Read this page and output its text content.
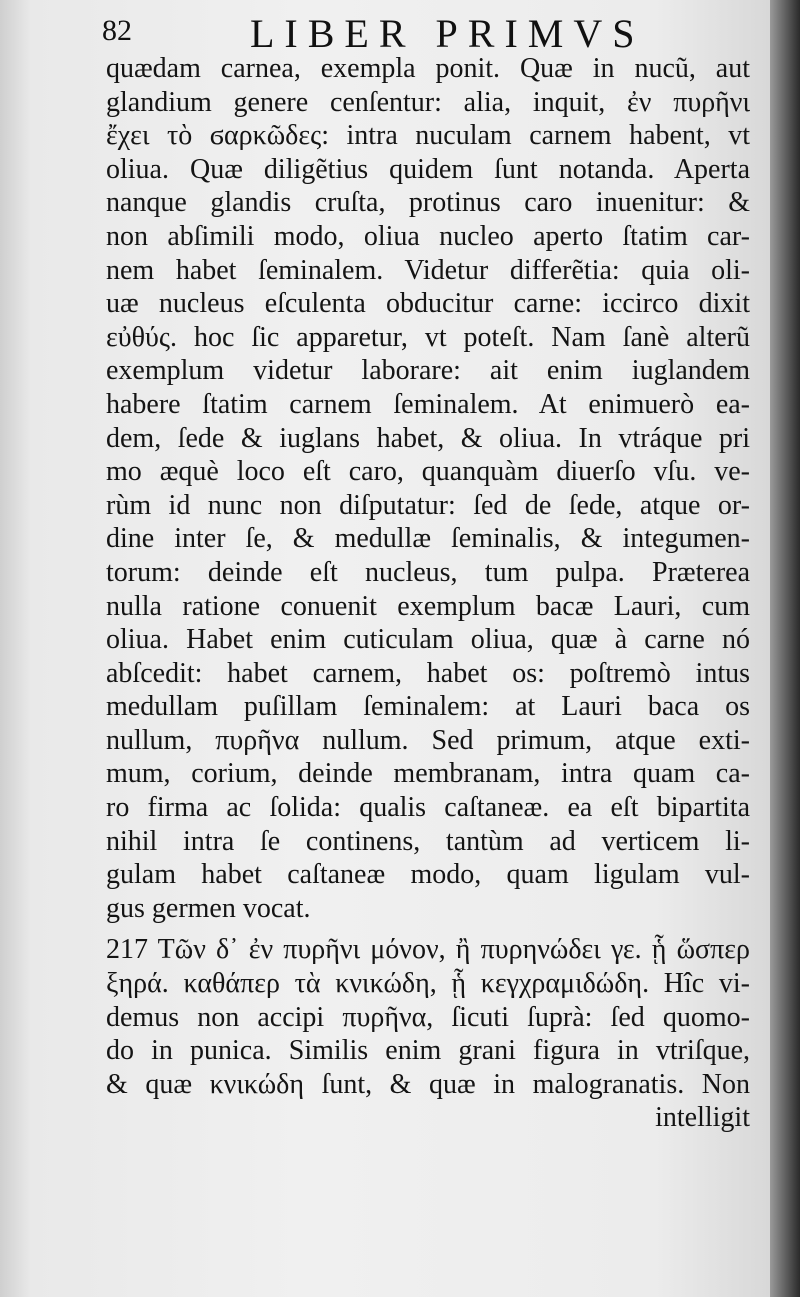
82	LIBER PRIMVS
quædam carnea, exempla ponit. Quæ in nucũ, aut
glandium genere cenſentur: alia, inquit, ἐν πυρῆνι
ἔχει τὸ ϭαρκῶδες: intra nuculam carnem habent, vt
oliua. Quæ diligẽtius quidem ſunt notanda. Aperta
nanque glandis cruſta, protinus caro inuenitur: &
non abſimili modo, oliua nucleo aperto ſtatim car-
nem habet ſeminalem. Videtur differẽtia: quia oli-
uæ nucleus eſculenta obducitur carne: iccirco dixit
εὐθύς. hoc ſic apparetur, vt poteſt. Nam ſanè alterũ
exemplum videtur laborare: ait enim iuglandem
habere ſtatim carnem ſeminalem. At enimuerò ea-
dem, ſede & iuglans habet, & oliua. In vtráque pri
mo æquè loco eſt caro, quanquàm diuerſo vſu. ve-
rùm id nunc non diſputatur: ſed de ſede, atque or-
dine inter ſe, & medullæ ſeminalis, & integumen-
torum: deinde eſt nucleus, tum pulpa. Præterea
nulla ratione conuenit exemplum bacæ Lauri, cum
oliua. Habet enim cuticulam oliua, quæ à carne nó
abſcedit: habet carnem, habet os: poſtremò intus
medullam puſillam ſeminalem: at Lauri baca os
nullum, πυρῆνα nullum. Sed primum, atque exti-
mum, corium, deinde membranam, intra quam ca-
ro firma ac ſolida: qualis caſtaneæ. ea eſt bipartita
nihil intra ſe continens, tantùm ad verticem li-
gulam habet caſtaneæ modo, quam ligulam vul-
gus germen vocat.
217 Τῶν δ᾽ ἐν πυρῆνι μόνον, ἢ πυρηνώδει γε. ᾗ ὥσπερ
ξηρά. καθάπερ τὰ κνικώδη, ᾗ κεγχραμιδώδη. Hîc vi-
demus non accipi πυρῆνα, ſicuti ſuprà: ſed quomo-
do in punica. Similis enim grani figura in vtriſque,
& quæ κνικώδη ſunt, & quæ in malogranatis. Non
intelligit
